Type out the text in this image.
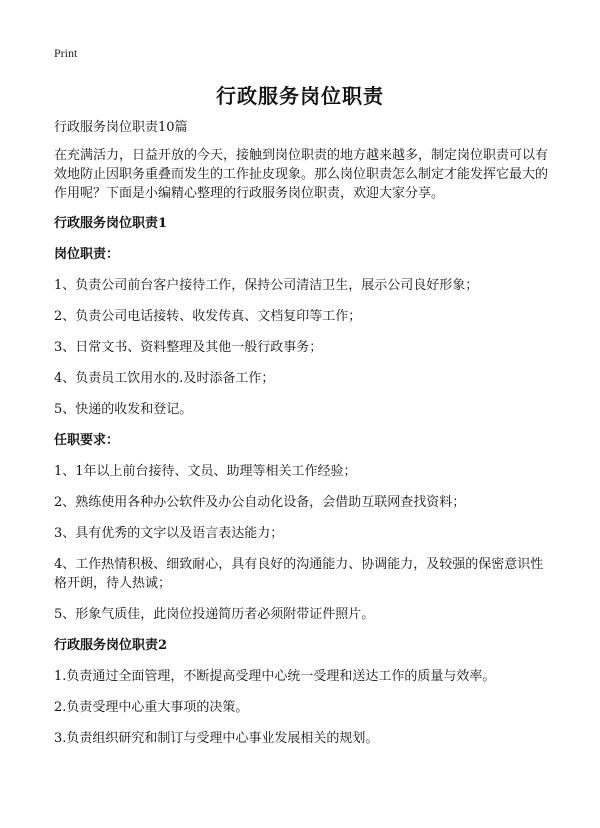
Print
行政服务岗位职责
行政服务岗位职责10篇
在充满活力，日益开放的今天，接触到岗位职责的地方越来越多，制定岗位职责可以有效地防止因职务重叠而发生的工作扯皮现象。那么岗位职责怎么制定才能发挥它最大的作用呢？下面是小编精心整理的行政服务岗位职责，欢迎大家分享。
行政服务岗位职责1
岗位职责：
1、负责公司前台客户接待工作，保持公司清洁卫生，展示公司良好形象；
2、负责公司电话接转、收发传真、文档复印等工作；
3、日常文书、资料整理及其他一般行政事务；
4、负责员工饮用水的.及时添备工作；
5、快递的收发和登记。
任职要求：
1、1年以上前台接待、文员、助理等相关工作经验；
2、熟练使用各种办公软件及办公自动化设备，会借助互联网查找资料；
3、具有优秀的文字以及语言表达能力；
4、工作热情积极、细致耐心，具有良好的沟通能力、协调能力，及较强的保密意识性格开朗，待人热诚；
5、形象气质佳，此岗位投递简历者必须附带证件照片。
行政服务岗位职责2
1.负责通过全面管理，不断提高受理中心统一受理和送达工作的质量与效率。
2.负责受理中心重大事项的决策。
3.负责组织研究和制订与受理中心事业发展相关的规划。
